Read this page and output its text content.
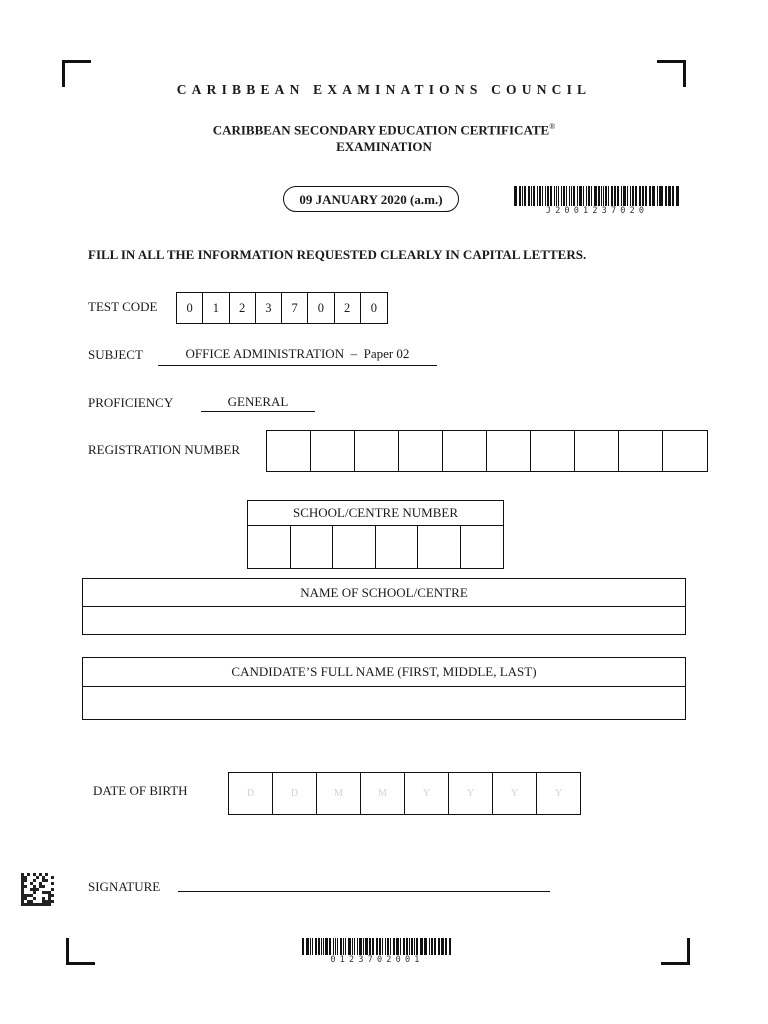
CARIBBEAN EXAMINATIONS COUNCIL
CARIBBEAN SECONDARY EDUCATION CERTIFICATE®
EXAMINATION
09 JANUARY 2020 (a.m.)
J2001237020
FILL IN ALL THE INFORMATION REQUESTED CLEARLY IN CAPITAL LETTERS.
TEST CODE	0	1	2	3	7	0	2	0
SUBJECT	OFFICE ADMINISTRATION  –  Paper 02
PROFICIENCY	GENERAL
REGISTRATION NUMBER
SCHOOL/CENTRE NUMBER
NAME OF SCHOOL/CENTRE
CANDIDATE’S FULL NAME (FIRST, MIDDLE, LAST)
DATE OF BIRTH	D	D	M	M	Y	Y	Y	Y
SIGNATURE
0123702001
